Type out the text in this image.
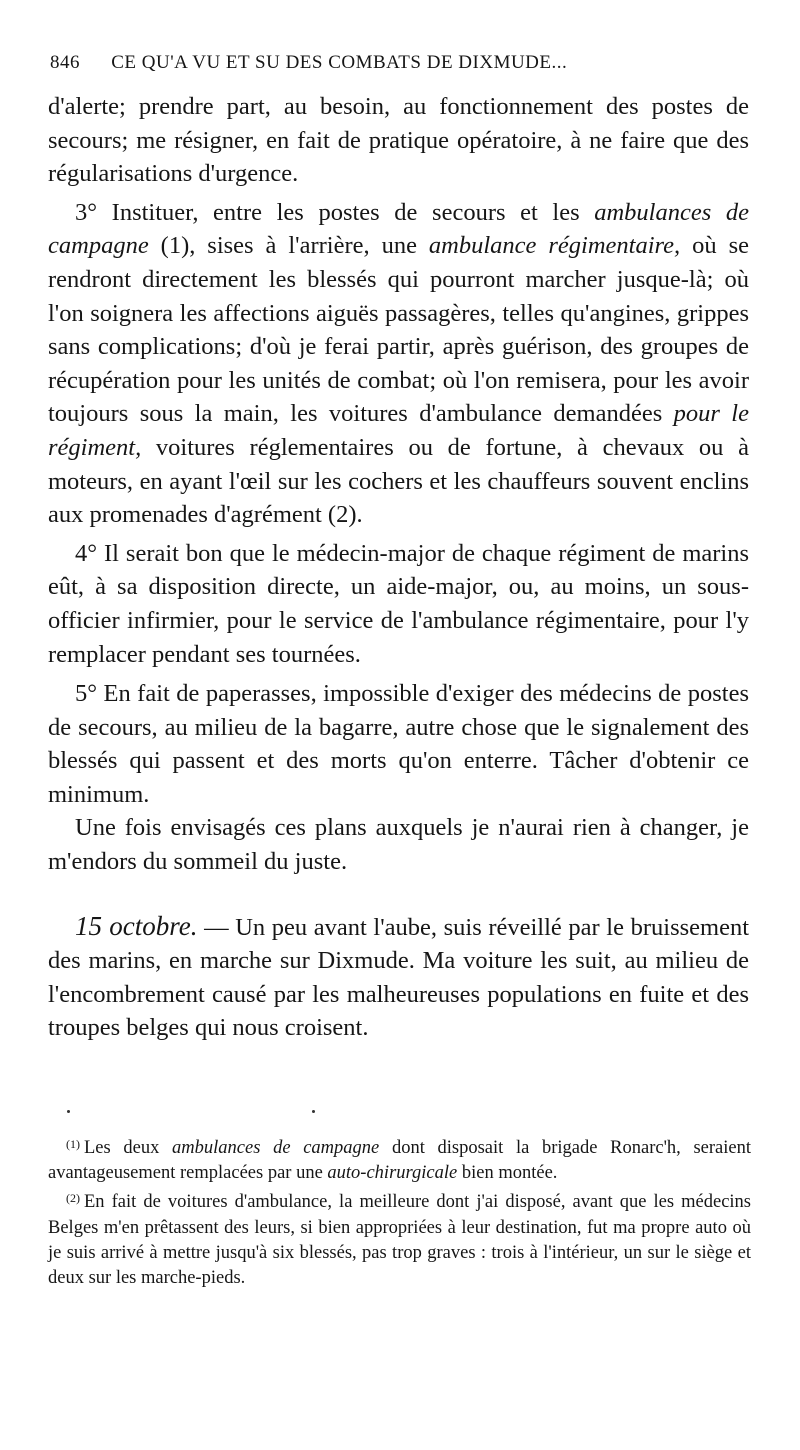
846 CE QU'A VU ET SU DES COMBATS DE DIXMUDE...

d'alerte; prendre part, au besoin, au fonctionnement des postes de secours; me résigner, en fait de pratique opératoire, à ne faire que des régularisations d'urgence.

3° Instituer, entre les postes de secours et les ambulances de campagne (1), sises à l'arrière, une ambulance régimentaire, où se rendront directement les blessés qui pourront marcher jusque-là; où l'on soignera les affections aiguës passagères, telles qu'angines, grippes sans complications; d'où je ferai partir, après guérison, des groupes de récupération pour les unités de combat; où l'on remisera, pour les avoir toujours sous la main, les voitures d'ambulance demandées pour le régiment, voitures réglementaires ou de fortune, à chevaux ou à moteurs, en ayant l'œil sur les cochers et les chauffeurs souvent enclins aux promenades d'agrément (2).

4° Il serait bon que le médecin-major de chaque régiment de marins eût, à sa disposition directe, un aide-major, ou, au moins, un sous-officier infirmier, pour le service de l'ambulance régimentaire, pour l'y remplacer pendant ses tournées.

5° En fait de paperasses, impossible d'exiger des médecins de postes de secours, au milieu de la bagarre, autre chose que le signalement des blessés qui passent et des morts qu'on enterre. Tâcher d'obtenir ce minimum.

Une fois envisagés ces plans auxquels je n'aurai rien à changer, je m'endors du sommeil du juste.

15 octobre. — Un peu avant l'aube, suis réveillé par le bruissement des marins, en marche sur Dixmude. Ma voiture les suit, au milieu de l'encombrement causé par les malheureuses populations en fuite et des troupes belges qui nous croisent.

$^{(1)}$ Les deux ambulances de campagne dont disposait la brigade Ronarc'h, seraient avantageusement remplacées par une auto-chirurgicale bien montée.

$^{(2)}$ En fait de voitures d'ambulance, la meilleure dont j'ai disposé, avant que les médecins Belges m'en prêtassent des leurs, si bien appropriées à leur destination, fut ma propre auto où je suis arrivé à mettre jusqu'à six blessés, pas trop graves : trois à l'intérieur, un sur le siège et deux sur les marche-pieds.
